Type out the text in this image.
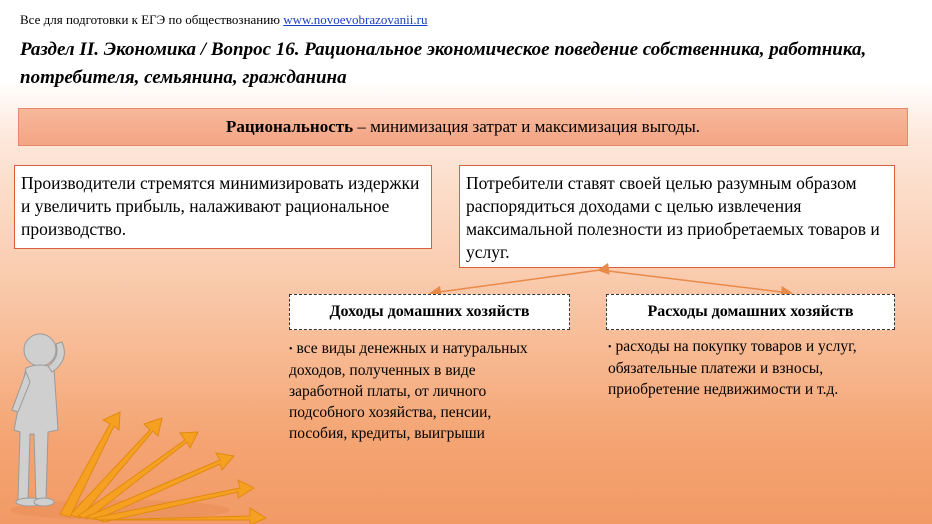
Все для подготовки к ЕГЭ по обществознанию www.novoevobrazovanii.ru
Раздел II. Экономика / Вопрос 16. Рациональное экономическое поведение собственника, работника, потребителя, семьянина, гражданина
Рациональность – минимизация затрат и максимизация выгоды.
Производители стремятся минимизировать издержки и увеличить прибыль, налаживают рациональное производство.
Потребители ставят своей целью разумным образом распорядиться доходами с целью извлечения максимальной полезности из приобретаемых товаров и услуг.
Доходы домашних хозяйств	Расходы домашних хозяйств
• все виды денежных и натуральных доходов, полученных в виде заработной платы, от личного подсобного хозяйства, пенсии, пособия, кредиты, выигрыши
• расходы на покупку товаров и услуг, обязательные платежи и взносы, приобретение недвижимости и т.д.
